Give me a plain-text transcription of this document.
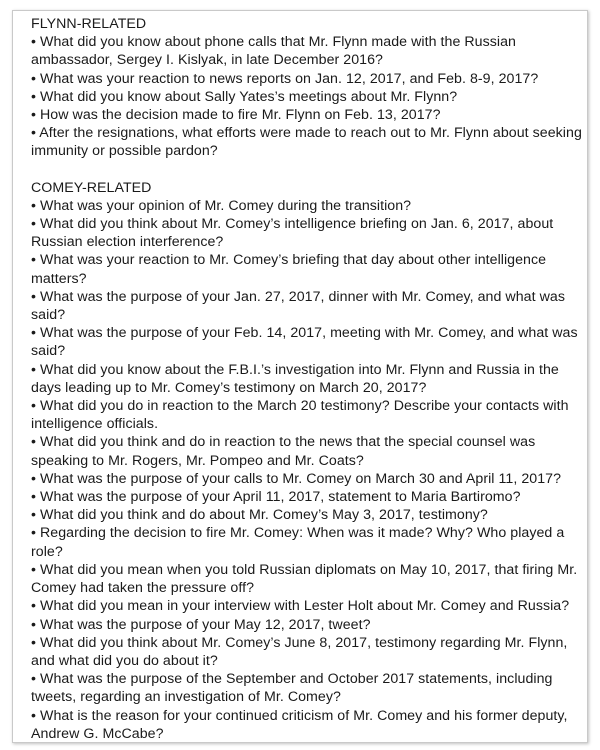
FLYNN-RELATED
• What did you know about phone calls that Mr. Flynn made with the Russian ambassador, Sergey I. Kislyak, in late December 2016?
• What was your reaction to news reports on Jan. 12, 2017, and Feb. 8-9, 2017?
• What did you know about Sally Yates’s meetings about Mr. Flynn?
• How was the decision made to fire Mr. Flynn on Feb. 13, 2017?
• After the resignations, what efforts were made to reach out to Mr. Flynn about seeking immunity or possible pardon?
COMEY-RELATED
• What was your opinion of Mr. Comey during the transition?
• What did you think about Mr. Comey’s intelligence briefing on Jan. 6, 2017, about Russian election interference?
• What was your reaction to Mr. Comey’s briefing that day about other intelligence matters?
• What was the purpose of your Jan. 27, 2017, dinner with Mr. Comey, and what was said?
• What was the purpose of your Feb. 14, 2017, meeting with Mr. Comey, and what was said?
• What did you know about the F.B.I.’s investigation into Mr. Flynn and Russia in the days leading up to Mr. Comey’s testimony on March 20, 2017?
• What did you do in reaction to the March 20 testimony? Describe your contacts with intelligence officials.
• What did you think and do in reaction to the news that the special counsel was speaking to Mr. Rogers, Mr. Pompeo and Mr. Coats?
• What was the purpose of your calls to Mr. Comey on March 30 and April 11, 2017?
• What was the purpose of your April 11, 2017, statement to Maria Bartiromo?
• What did you think and do about Mr. Comey’s May 3, 2017, testimony?
• Regarding the decision to fire Mr. Comey: When was it made? Why? Who played a role?
• What did you mean when you told Russian diplomats on May 10, 2017, that firing Mr. Comey had taken the pressure off?
• What did you mean in your interview with Lester Holt about Mr. Comey and Russia?
• What was the purpose of your May 12, 2017, tweet?
• What did you think about Mr. Comey’s June 8, 2017, testimony regarding Mr. Flynn, and what did you do about it?
• What was the purpose of the September and October 2017 statements, including tweets, regarding an investigation of Mr. Comey?
• What is the reason for your continued criticism of Mr. Comey and his former deputy, Andrew G. McCabe?
